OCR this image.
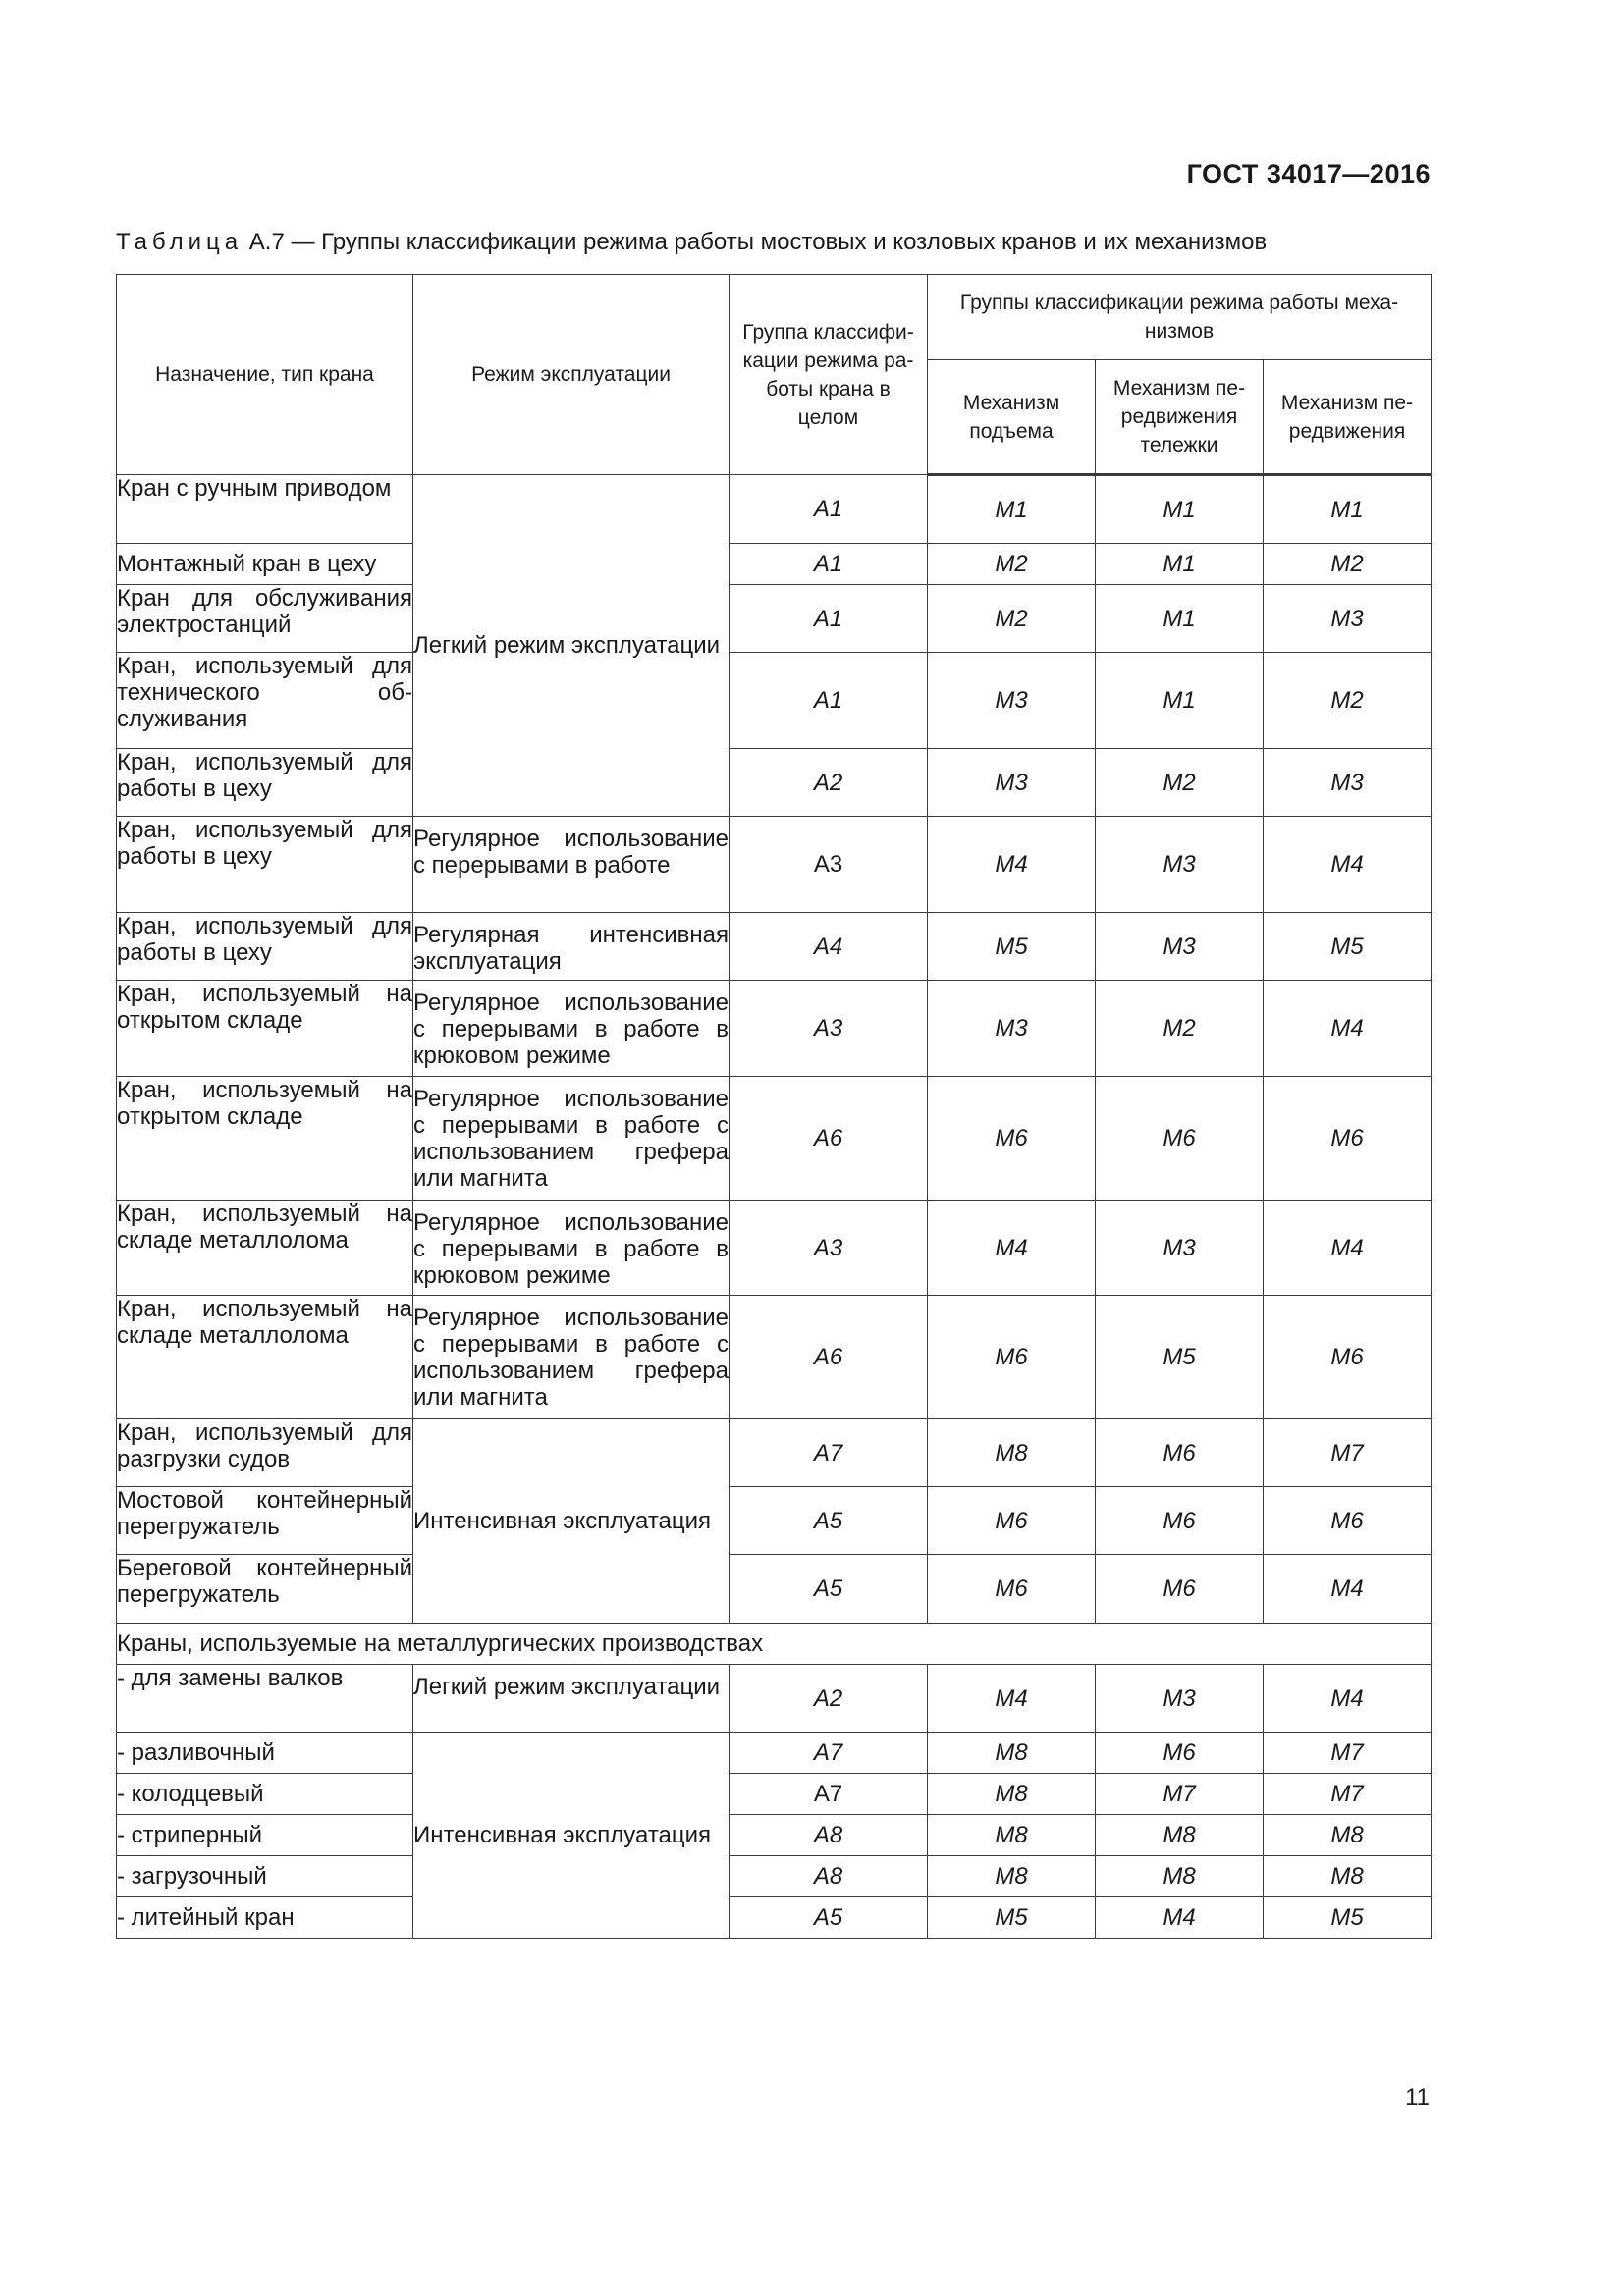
ГОСТ 34017—2016
Таблица А.7 — Группы классификации режима работы мостовых и козловых кранов и их механизмов
Назначение, тип крана	Режим эксплуатации	Группа классификации режима работы крана в целом	Группы классификации режима работы механизмов		
			Механизм подъема	Механизм передвижения тележки	Механизм передвижения
Кран с ручным приводом	Легкий режим эксплуатации	А1	М1	М1	М1
Монтажный кран в цеху		А1	М2	М1	М2
Кран для обслуживания электростанций		А1	М2	М1	М3
Кран, используемый для технического обслуживания		А1	М3	М1	М2
Кран, используемый для работы в цеху		А2	М3	М2	М3
Кран, используемый для работы в цеху	Регулярное использование с перерывами в работе	А3	М4	М3	М4
Кран, используемый для работы в цеху	Регулярная интенсивная эксплуатация	А4	М5	М3	М5
Кран, используемый на открытом складе	Регулярное использование с перерывами в работе в крюковом режиме	А3	М3	М2	М4
Кран, используемый на открытом складе	Регулярное использование с перерывами в работе с использованием грефера или магнита	А6	М6	М6	М6
Кран, используемый на складе металлолома	Регулярное использование с перерывами в работе в крюковом режиме	А3	М4	М3	М4
Кран, используемый на складе металлолома	Регулярное использование с перерывами в работе с использованием грефера или магнита	А6	М6	М5	М6
Кран, используемый для разгрузки судов	Интенсивная эксплуатация	А7	М8	М6	М7
Мостовой контейнерный перегружатель		А5	М6	М6	М6
Береговой контейнерный перегружатель		А5	М6	М6	М4
Краны, используемые на металлургических производствах					
- для замены валков	Легкий режим эксплуатации	А2	М4	М3	М4
- разливочный	Интенсивная эксплуатация	А7	М8	М6	М7
- колодцевый		А7	М8	М7	М7
- стриперный		А8	М8	М8	М8
- загрузочный		А8	М8	М8	М8
- литейный кран		А5	М5	М4	М5
11
